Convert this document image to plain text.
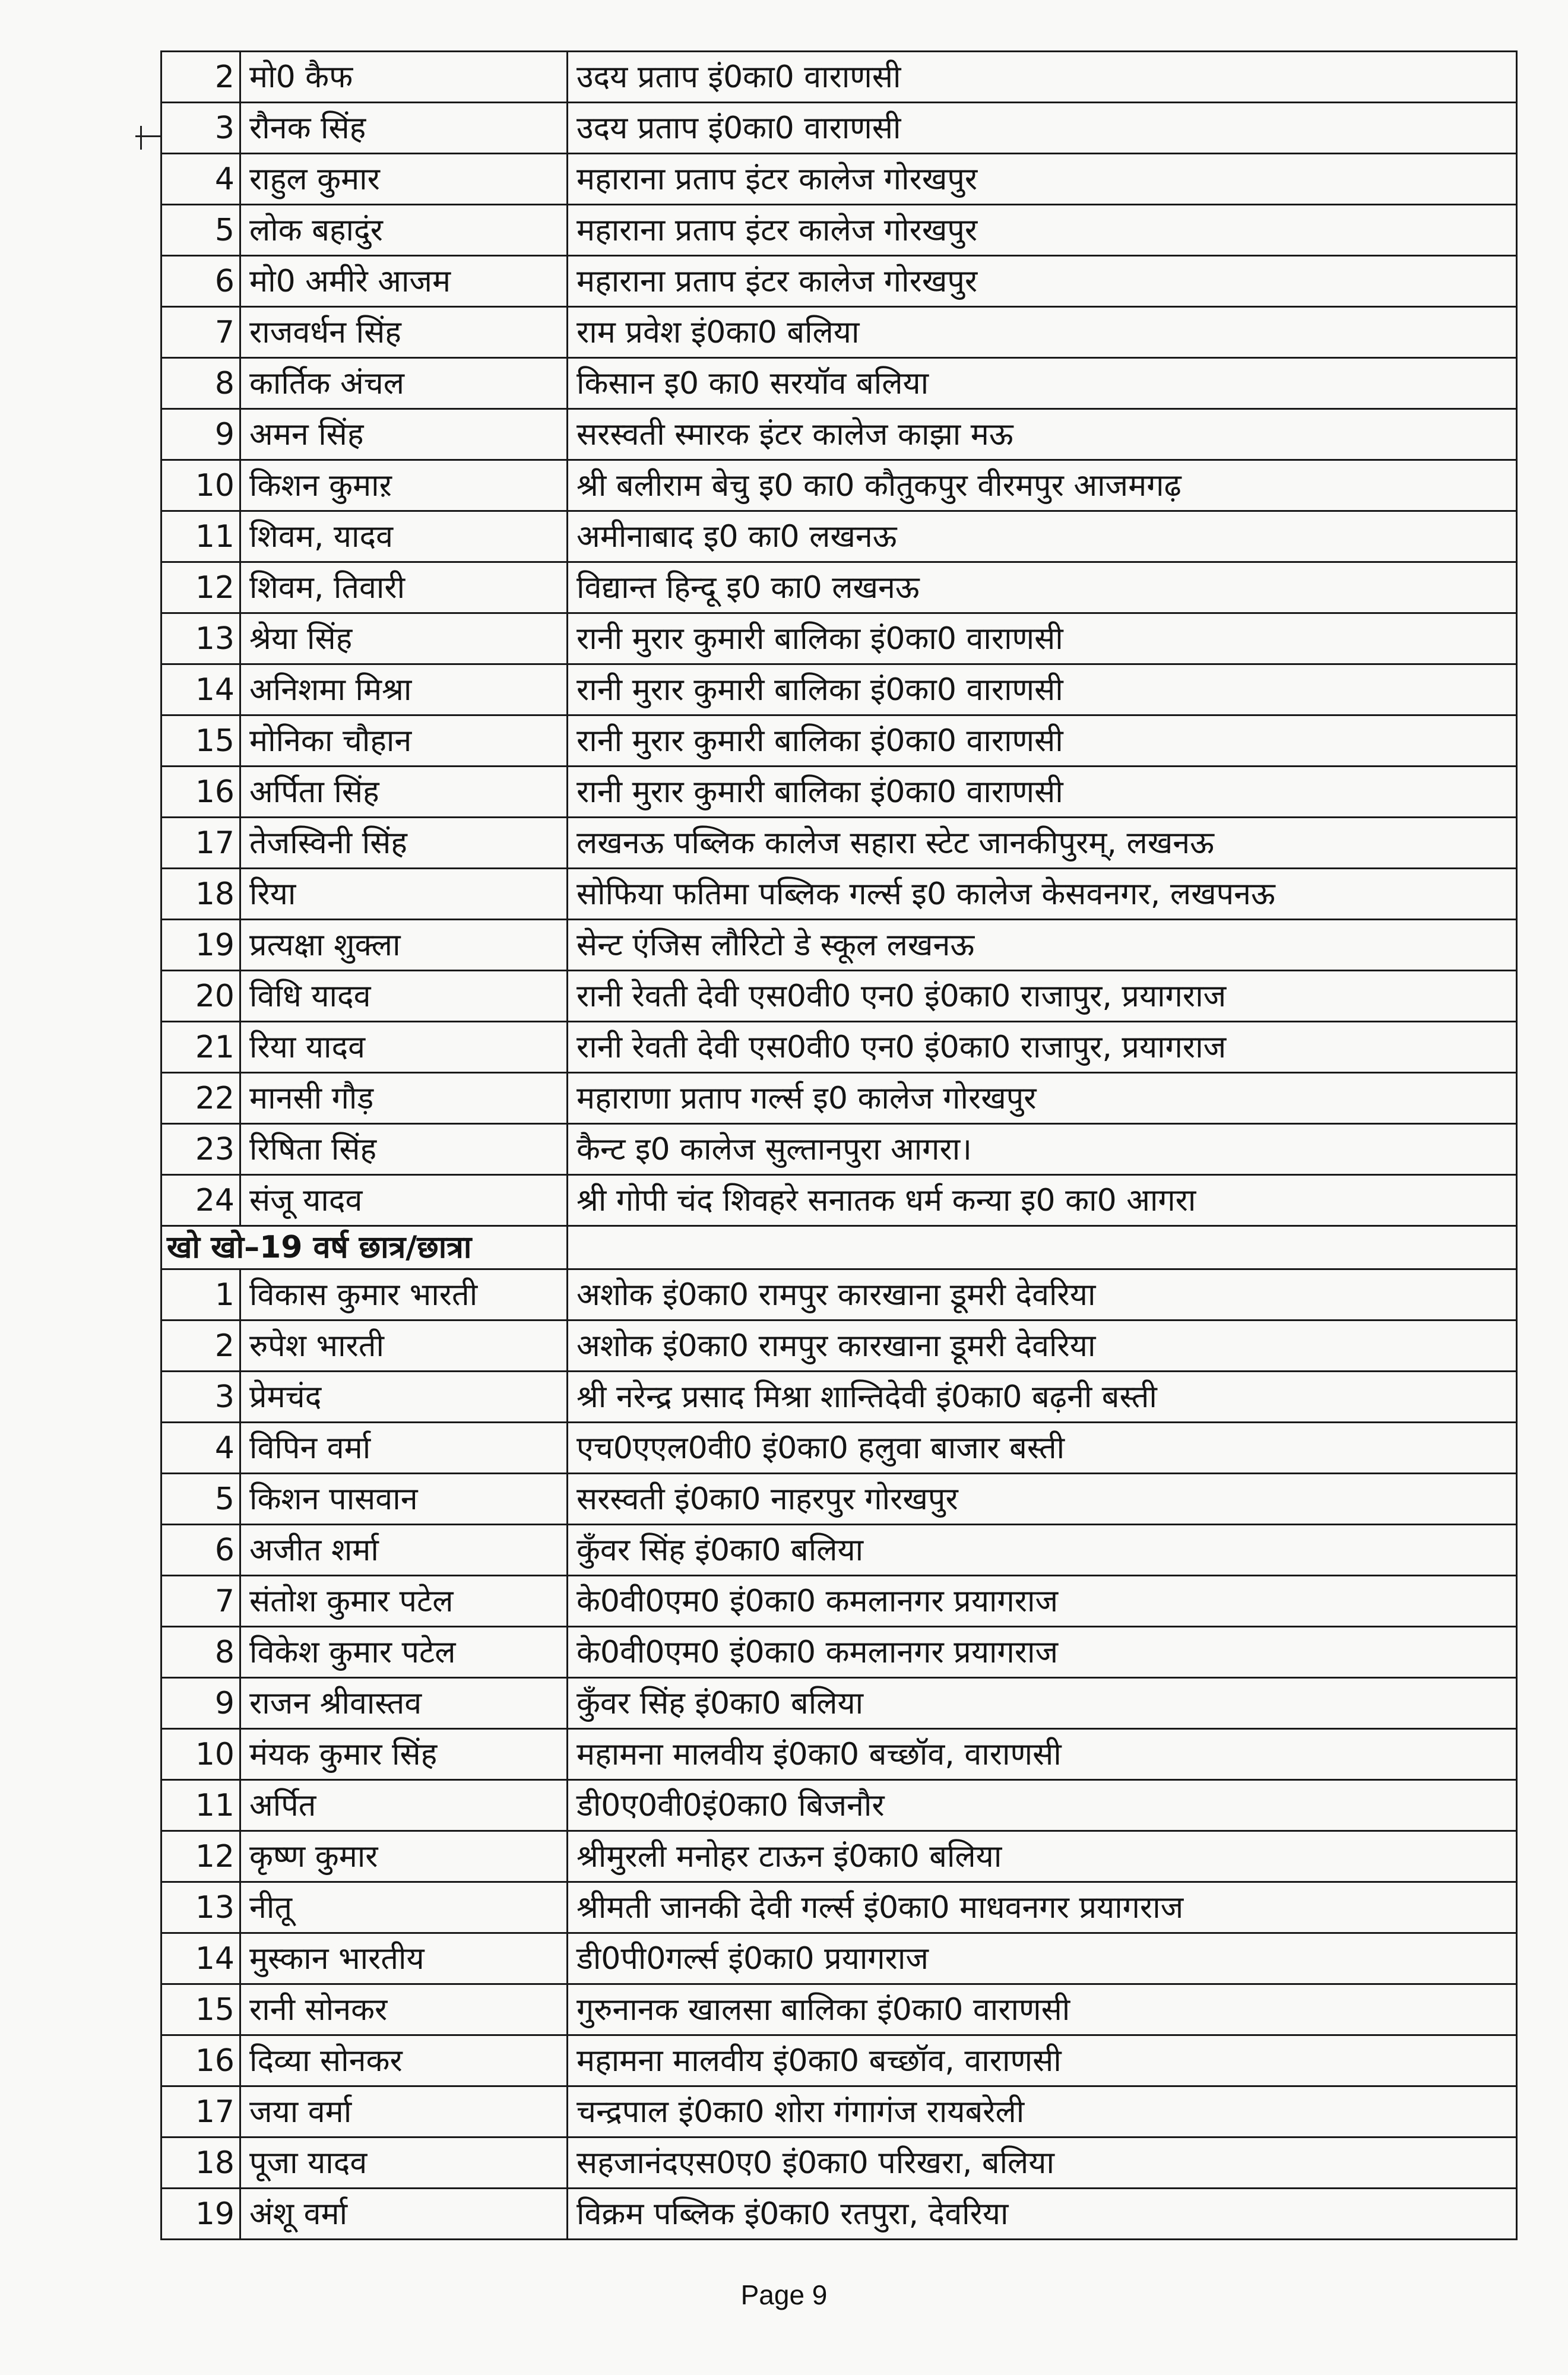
2	मो0 कैफ	उदय प्रताप इं0का0 वाराणसी
3	रौनक सिंह	उदय प्रताप इं0का0 वाराणसी
4	राहुल कुमार	महाराना प्रताप इंटर कालेज गोरखपुर
5	लोक बहादुंर	महाराना प्रताप इंटर कालेज गोरखपुर
6	मो0 अमीरे आजम	महाराना प्रताप इंटर कालेज गोरखपुर
7	राजवर्धन सिंह	राम प्रवेश इं0का0 बलिया
8	कार्तिक अंचल	किसान इ0 का0 सरयॉव बलिया
9	अमन सिंह	सरस्वती स्मारक इंटर कालेज काझा मऊ
10	किशन कुमाऱ	श्री बलीराम बेचु इ0 का0 कौतुकपुर वीरमपुर आजमगढ़
11	शिवम, यादव	अमीनाबाद इ0 का0 लखनऊ
12	शिवम, तिवारी	विद्यान्त हिन्दू इ0 का0 लखनऊ
13	श्रेया सिंह	रानी मुरार कुमारी बालिका इं0का0 वाराणसी
14	अनिशमा मिश्रा	रानी मुरार कुमारी बालिका इं0का0 वाराणसी
15	मोनिका चौहान	रानी मुरार कुमारी बालिका इं0का0 वाराणसी
16	अर्पिता सिंह	रानी मुरार कुमारी बालिका इं0का0 वाराणसी
17	तेजस्विनी सिंह	लखनऊ पब्लिक कालेज सहारा स्टेट जानकीपुरम्, लखनऊ
18	रिया	सोफिया फतिमा पब्लिक गर्ल्स इ0 कालेज केसवनगर, लखपनऊ
19	प्रत्यक्षा शुक्ला	सेन्ट एंजिस लौरिटो डे स्कूल लखनऊ
20	विधि यादव	रानी रेवती देवी एस0वी0 एन0 इं0का0 राजापुर, प्रयागराज
21	रिया यादव	रानी रेवती देवी एस0वी0 एन0 इं0का0 राजापुर, प्रयागराज
22	मानसी गौड़	महाराणा प्रताप गर्ल्स इ0 कालेज गोरखपुर
23	रिषिता सिंह	कैन्ट इ0 कालेज सुल्तानपुरा आगरा।
24	संजू यादव	श्री गोपी चंद शिवहरे सनातक धर्म कन्या इ0 का0 आगरा
खो खो–19 वर्ष छात्र/छात्रा		
1	विकास कुमार भारती	अशोक इं0का0 रामपुर कारखाना डूमरी देवरिया
2	रुपेश भारती	अशोक इं0का0 रामपुर कारखाना डूमरी देवरिया
3	प्रेमचंद	श्री नरेन्द्र प्रसाद मिश्रा शान्तिदेवी इं0का0 बढ़नी बस्ती
4	विपिन वर्मा	एच0एएल0वी0 इं0का0 हलुवा बाजार बस्ती
5	किशन पासवान	सरस्वती इं0का0 नाहरपुर गोरखपुर
6	अजीत शर्मा	कुँवर सिंह इं0का0 बलिया
7	संतोश कुमार पटेल	के0वी0एम0 इं0का0 कमलानगर प्रयागराज
8	विकेश कुमार पटेल	के0वी0एम0 इं0का0 कमलानगर प्रयागराज
9	राजन श्रीवास्तव	कुँवर सिंह इं0का0 बलिया
10	मंयक कुमार सिंह	महामना मालवीय इं0का0 बच्छॉव, वाराणसी
11	अर्पित	डी0ए0वी0इं0का0 बिजनौर
12	कृष्ण कुमार	श्रीमुरली मनोहर टाऊन इं0का0 बलिया
13	नीतू	श्रीमती जानकी देवी गर्ल्स इं0का0 माधवनगर प्रयागराज
14	मुस्कान भारतीय	डी0पी0गर्ल्स इं0का0 प्रयागराज
15	रानी सोनकर	गुरुनानक खालसा बालिका इं0का0 वाराणसी
16	दिव्या सोनकर	महामना मालवीय इं0का0 बच्छॉव, वाराणसी
17	जया वर्मा	चन्द्रपाल इं0का0 शोरा गंगागंज रायबरेली
18	पूजा यादव	सहजानंदएस0ए0 इं0का0 परिखरा, बलिया
19	अंशू वर्मा	विक्रम पब्लिक इं0का0 रतपुरा, देवरिया
Page 9
